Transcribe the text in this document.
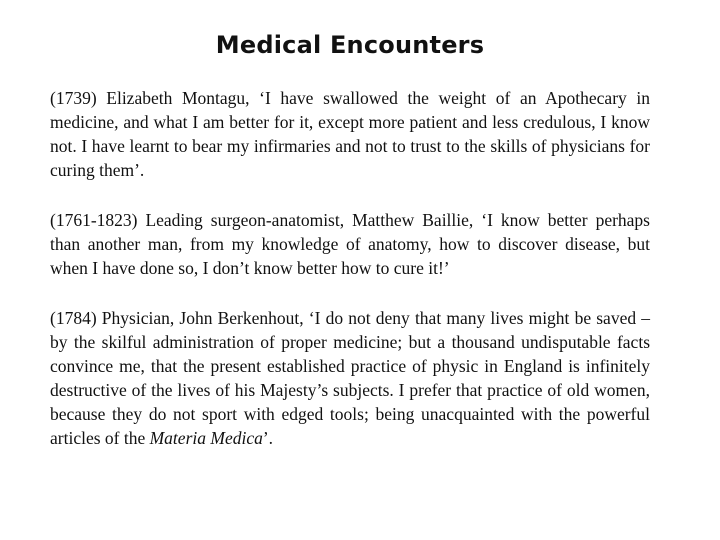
Medical Encounters

(1739) Elizabeth Montagu, ‘I have swallowed the weight of an Apothecary in medicine, and what I am better for it, except more patient and less credulous, I know not. I have learnt to bear my infirmaries and not to trust to the skills of physicians for curing them’.

(1761-1823) Leading surgeon-anatomist, Matthew Baillie, ‘I know better perhaps than another man, from my knowledge of anatomy, how to discover disease, but when I have done so, I don’t know better how to cure it!’

(1784) Physician, John Berkenhout, ‘I do not deny that many lives might be saved – by the skilful administration of proper medicine; but a thousand undisputable facts convince me, that the present established practice of physic in England is infinitely destructive of the lives of his Majesty’s subjects. I prefer that practice of old women, because they do not sport with edged tools; being unacquainted with the powerful articles of the Materia Medica’.
